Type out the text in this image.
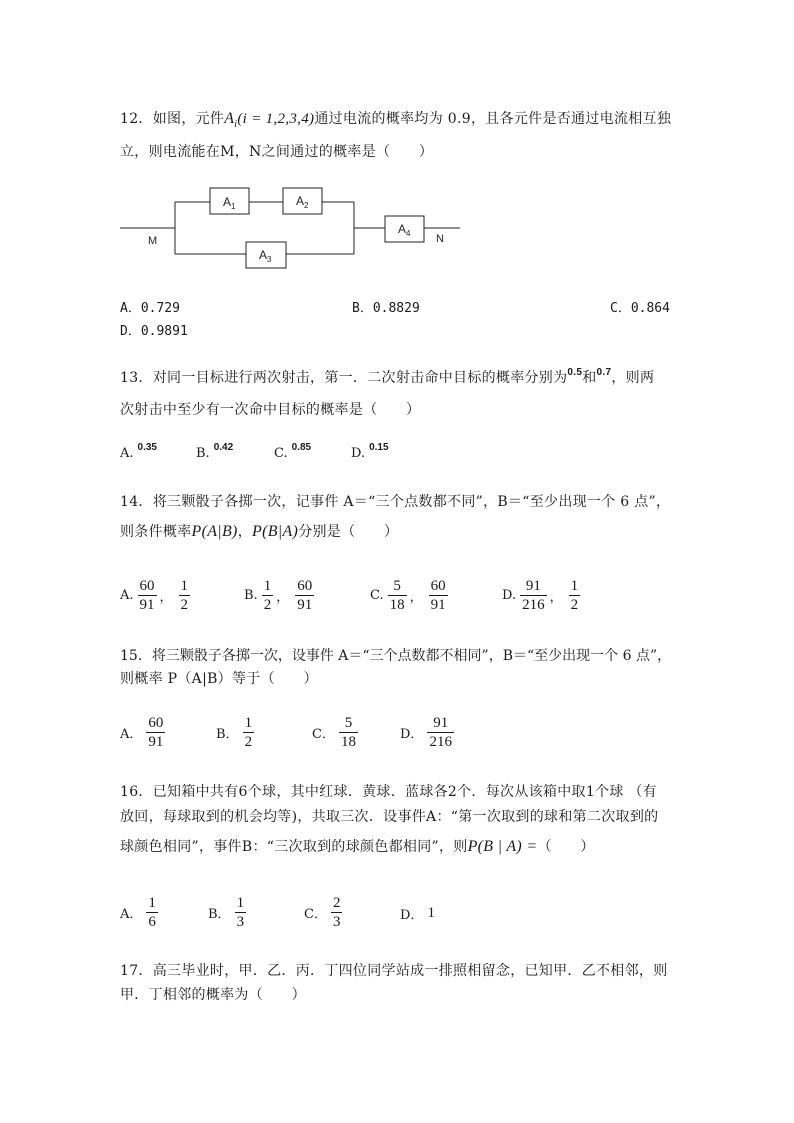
12．如图，元件$A_i(i = 1,2,3,4)$通过电流的概率均为 0.9，且各元件是否通过电流相互独
立，则电流能在M，N之间通过的概率是（　　）
M	N
$A_1$	$A_2$
$A_3$
$A_4$
A．0.729	B．0.8829	C．0.864
D．0.9891
13．对同一目标进行两次射击，第一．二次射击命中目标的概率分别为$^{0.5}$和$^{0.7}$，则两
次射击中至少有一次命中目标的概率是（　　）
A. $^{0.35}$	B. $^{0.42}$	C. $^{0.85}$	D. $^{0.15}$
14．将三颗骰子各掷一次，记事件 A＝“三个点数都不同”，B＝“至少出现一个 6 点”，
则条件概率P(A|B)，P(B|A)分别是（　　）
A. $\frac{60}{91}$ ， $\frac{1}{2}$	B. $\frac{1}{2}$ ， $\frac{60}{91}$	C. $\frac{5}{18}$ ， $\frac{60}{91}$	D. $\frac{91}{216}$ ， $\frac{1}{2}$
15．将三颗骰子各掷一次，设事件 A＝“三个点数都不相同”，B＝“至少出现一个 6 点”，
则概率 P（A|B）等于（　　）
A． $\frac{60}{91}$	B． $\frac{1}{2}$	C． $\frac{5}{18}$	D． $\frac{91}{216}$
16．已知箱中共有6个球，其中红球．黄球．蓝球各2个．每次从该箱中取1个球 （有
放回，每球取到的机会均等)，共取三次．设事件A：“第一次取到的球和第二次取到的
球颜色相同”，事件B：“三次取到的球颜色都相同”，则P(B | A) =（　　）
A． $\frac{1}{6}$	B． $\frac{1}{3}$	C． $\frac{2}{3}$	D． 1
17．高三毕业时，甲．乙．丙．丁四位同学站成一排照相留念，已知甲．乙不相邻，则
甲．丁相邻的概率为（　　）
